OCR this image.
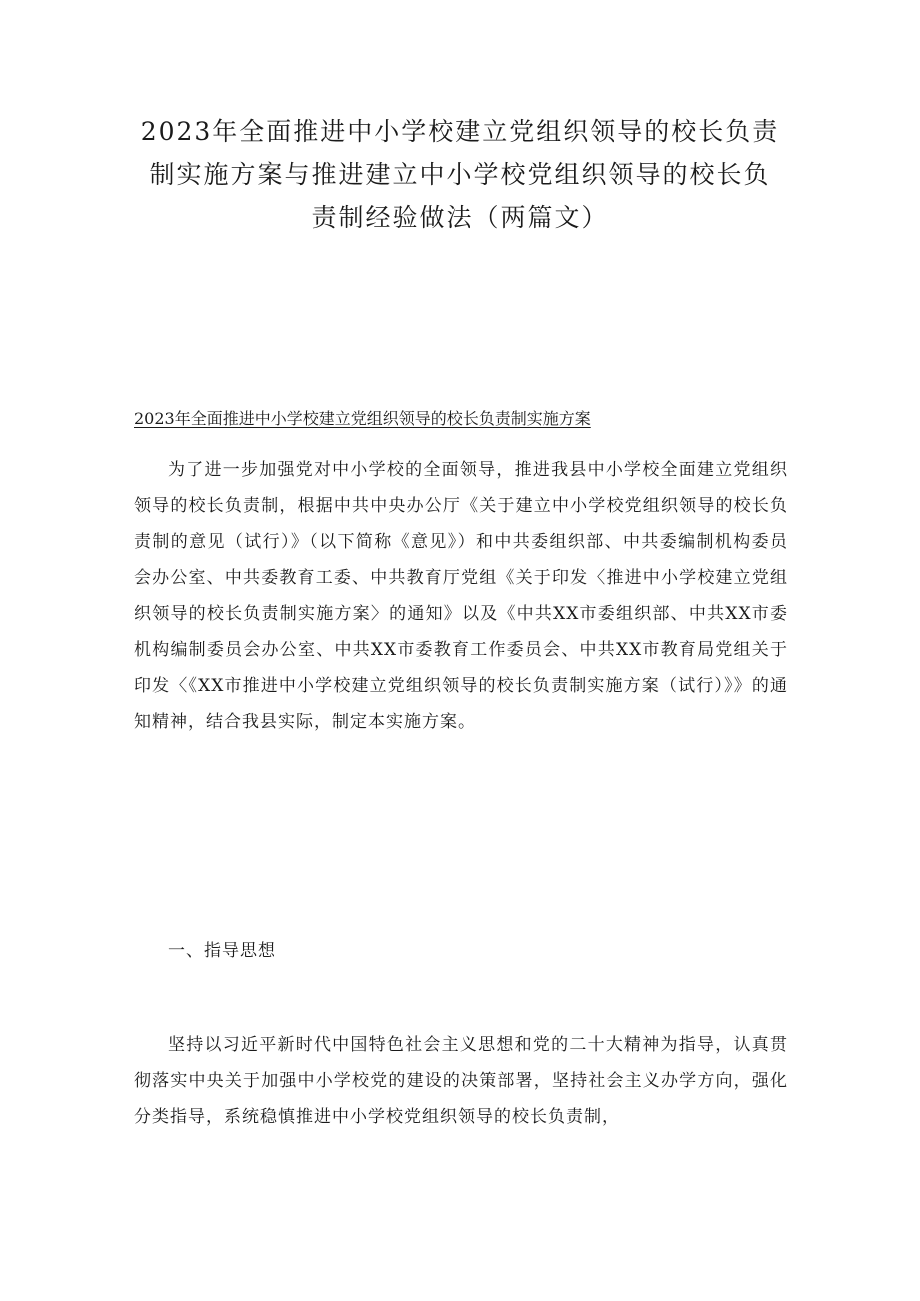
2023年全面推进中小学校建立党组织领导的校长负责制实施方案与推进建立中小学校党组织领导的校长负责制经验做法（两篇文）
2023年全面推进中小学校建立党组织领导的校长负责制实施方案

为了进一步加强党对中小学校的全面领导，推进我县中小学校全面建立党组织领导的校长负责制，根据中共中央办公厅《关于建立中小学校党组织领导的校长负责制的意见（试行）》（以下简称《意见》）和中共委组织部、中共委编制机构委员会办公室、中共委教育工委、中共教育厅党组《关于印发〈推进中小学校建立党组织领导的校长负责制实施方案〉的通知》以及《中共XX市委组织部、中共XX市委机构编制委员会办公室、中共XX市委教育工作委员会、中共XX市教育局党组关于印发〈《XX市推进中小学校建立党组织领导的校长负责制实施方案（试行）》》的通知精神，结合我县实际，制定本实施方案。

一、指导思想

坚持以习近平新时代中国特色社会主义思想和党的二十大精神为指导，认真贯彻落实中央关于加强中小学校党的建设的决策部署，坚持社会主义办学方向，强化分类指导，系统稳慎推进中小学校党组织领导的校长负责制，
